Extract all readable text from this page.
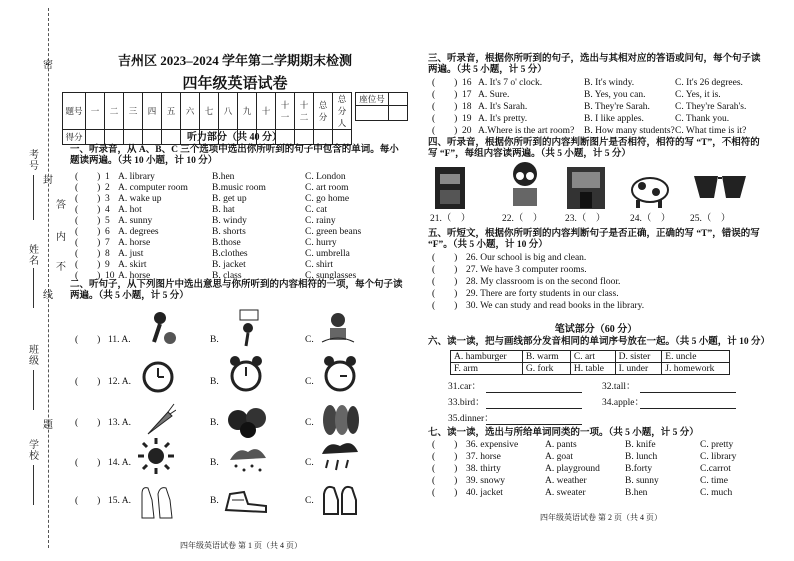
密
封
线
题
内
不
答
考号
姓名
班级
学校
吉州区 2023–2024 学年第二学期期末检测
四年级英语试卷
题号	一	二	三	四	五	六	七	八	九	十	十一	十二	总分	总分人
得分														
座位号	

听力部分（共 40 分）
一、听录音，从 A、B、C 三个选项中选出你所听到的句子中包含的单词。每小题读两遍。（共 10 小题，计 10 分）
(　　) 1 A. library	B.hen	C. London
(　　) 2 A. computer room	B.music room	C. art room
(　　) 3 A. wake up	B. get up	C. go home
(　　) 4 A. hot	B. hat	C. cat
(　　) 5 A. sunny	B. windy	C. rainy
(　　) 6 A. degrees	B. shorts	C. green beans
(　　) 7 A. horse	B.those	C. hurry
(　　) 8 A. just	B.clothes	C. umbrella
(　　) 9 A. skirt	B. jacket	C. shirt
(　　) 10 A. horse	B. class	C. sunglasses
二、听句子，从下列图片中选出意思与你所听到的内容相符的一项，每个句子读两遍。（共 5 小题，计 5 分）
(　　) 11. A.	B.	C.
(　　) 12. A.	B.	C.
(　　) 13. A.	B.	C.
(　　) 14. A.	B.	C.
(　　) 15. A.	B.	C.
四年级英语试卷 第 1 页（共 4 页）
三、听录音，根据你所听到的句子，选出与其相对应的答语或问句，每个句子读两遍。（共 5 小题，计 5 分）
(　　) 16 A. It's 7 o' clock.	B. It's windy.	C. It's 26 degrees.
(　　) 17 A. Sure.	B. Yes, you can.	C. Yes, it is.
(　　) 18 A. It's Sarah.	B. They're Sarah.	C. They're Sarah's.
(　　) 19 A. It's pretty.	B. I like apples.	C. Thank you.
(　　) 20 A.Where is the art room? B. How many students? C. What time is it?
四、听录音，根据你所听到的内容判断图片是否相符，相符的写 “T”，不相符的写 “F”，每组内容读两遍。（共 5 小题，计 5 分）
21.（　）	22.（　） 23.（　）	24.（　） 25.（　）
五、听短文，根据你所听到的内容判断句子是否正确，正确的写 “T”，错误的写 “F”。（共 5 小题，计 10 分）
(　　) 26. Our school is big and clean.
(　　) 27. We have 3 computer rooms.
(　　) 28. My classroom is on the second floor.
(　　) 29. There are forty students in our class.
(　　) 30. We can study and read books in the library.
笔试部分（60 分）
六、读一读，把与画线部分发音相同的单词序号放在一起。（共 5 小题，计 10 分）
A. hamburger	B. warm	C. art	D. sister	E. uncle
F. arm	G. fork	H. table	I. under	J. homework
31.car：	32.tall：
33.bird：	34.apple：
35.dinner：
七、读一读，选出与所给单词同类的一项。（共 5 小题，计 5 分）
(　　) 36. expensive	A. pants	B. knife	C. pretty
(　　) 37. horse	A. goat	B. lunch	C. library
(　　) 38. thirty	A. playground	B.forty	C.carrot
(　　) 39. snowy	A. weather	B. sunny	C. time
(　　) 40. jacket	A. sweater	B.hen	C. much
四年级英语试卷 第 2 页（共 4 页）
